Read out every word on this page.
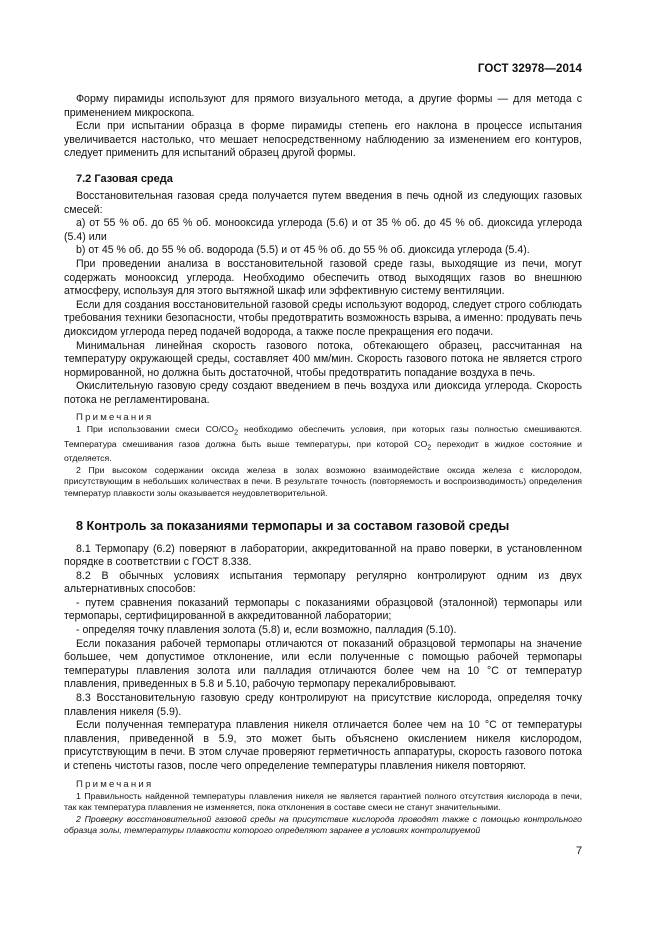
ГОСТ 32978—2014

Форму пирамиды используют для прямого визуального метода, а другие формы — для метода с применением микроскопа.

Если при испытании образца в форме пирамиды степень его наклона в процессе испытания увеличивается настолько, что мешает непосредственному наблюдению за изменением его контуров, следует применить для испытаний образец другой формы.

7.2 Газовая среда

Восстановительная газовая среда получается путем введения в печь одной из следующих газовых смесей:

a) от 55 % об. до 65 % об. монооксида углерода (5.6) и от 35 % об. до 45 % об. диоксида углерода (5.4) или

b) от 45 % об. до 55 % об. водорода (5.5) и от 45 % об. до 55 % об. диоксида углерода (5.4).

При проведении анализа в восстановительной газовой среде газы, выходящие из печи, могут содержать монооксид углерода. Необходимо обеспечить отвод выходящих газов во внешнюю атмосферу, используя для этого вытяжной шкаф или эффективную систему вентиляции.

Если для создания восстановительной газовой среды используют водород, следует строго соблюдать требования техники безопасности, чтобы предотвратить возможность взрыва, а именно: продувать печь диоксидом углерода перед подачей водорода, а также после прекращения его подачи.

Минимальная линейная скорость газового потока, обтекающего образец, рассчитанная на температуру окружающей среды, составляет 400 мм/мин. Скорость газового потока не является строго нормированной, но должна быть достаточной, чтобы предотвратить попадание воздуха в печь.

Окислительную газовую среду создают введением в печь воздуха или диоксида углерода. Скорость потока не регламентирована.

Примечания

1 При использовании смеси $CO/CO_2$ необходимо обеспечить условия, при которых газы полностью смешиваются. Температура смешивания газов должна быть выше температуры, при которой $CO_2$ переходит в жидкое состояние и отделяется.

2 При высоком содержании оксида железа в золах возможно взаимодействие оксида железа с кислородом, присутствующим в небольших количествах в печи. В результате точность (повторяемость и воспроизводимость) определения температур плавкости золы оказывается неудовлетворительной.

8 Контроль за показаниями термопары и за составом газовой среды

8.1 Термопару (6.2) поверяют в лаборатории, аккредитованной на право поверки, в установленном порядке в соответствии с ГОСТ 8.338.

8.2 В обычных условиях испытания термопару регулярно контролируют одним из двух альтернативных способов:

- путем сравнения показаний термопары с показаниями образцовой (эталонной) термопары или термопары, сертифицированной в аккредитованной лаборатории;

- определяя точку плавления золота (5.8) и, если возможно, палладия (5.10).

Если показания рабочей термопары отличаются от показаний образцовой термопары на значение большее, чем допустимое отклонение, или если полученные с помощью рабочей термопары температуры плавления золота или палладия отличаются более чем на 10 °C от температур плавления, приведенных в 5.8 и 5.10, рабочую термопару перекалибровывают.

8.3 Восстановительную газовую среду контролируют на присутствие кислорода, определяя точку плавления никеля (5.9).

Если полученная температура плавления никеля отличается более чем на 10 °C от температуры плавления, приведенной в 5.9, это может быть объяснено окислением никеля кислородом, присутствующим в печи. В этом случае проверяют герметичность аппаратуры, скорость газового потока и степень чистоты газов, после чего определение температуры плавления никеля повторяют.

Примечания

1 Правильность найденной температуры плавления никеля не является гарантией полного отсутствия кислорода в печи, так как температура плавления не изменяется, пока отклонения в составе смеси не станут значительными.

2 Проверку восстановительной газовой среды на присутствие кислорода проводят также с помощью контрольного образца золы, температуры плавкости которого определяют заранее в условиях контролируемой

7
